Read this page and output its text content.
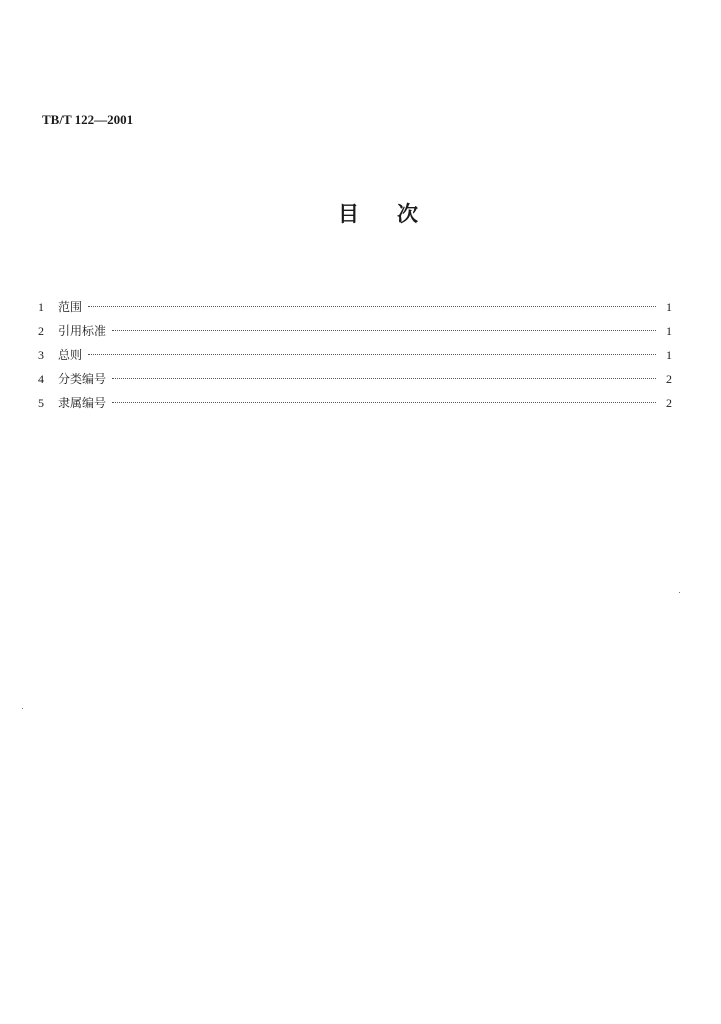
TB/T 122—2001
目次
1	范围	1
2	引用标准	1
3	总则	1
4	分类编号	2
5	隶属编号	2
